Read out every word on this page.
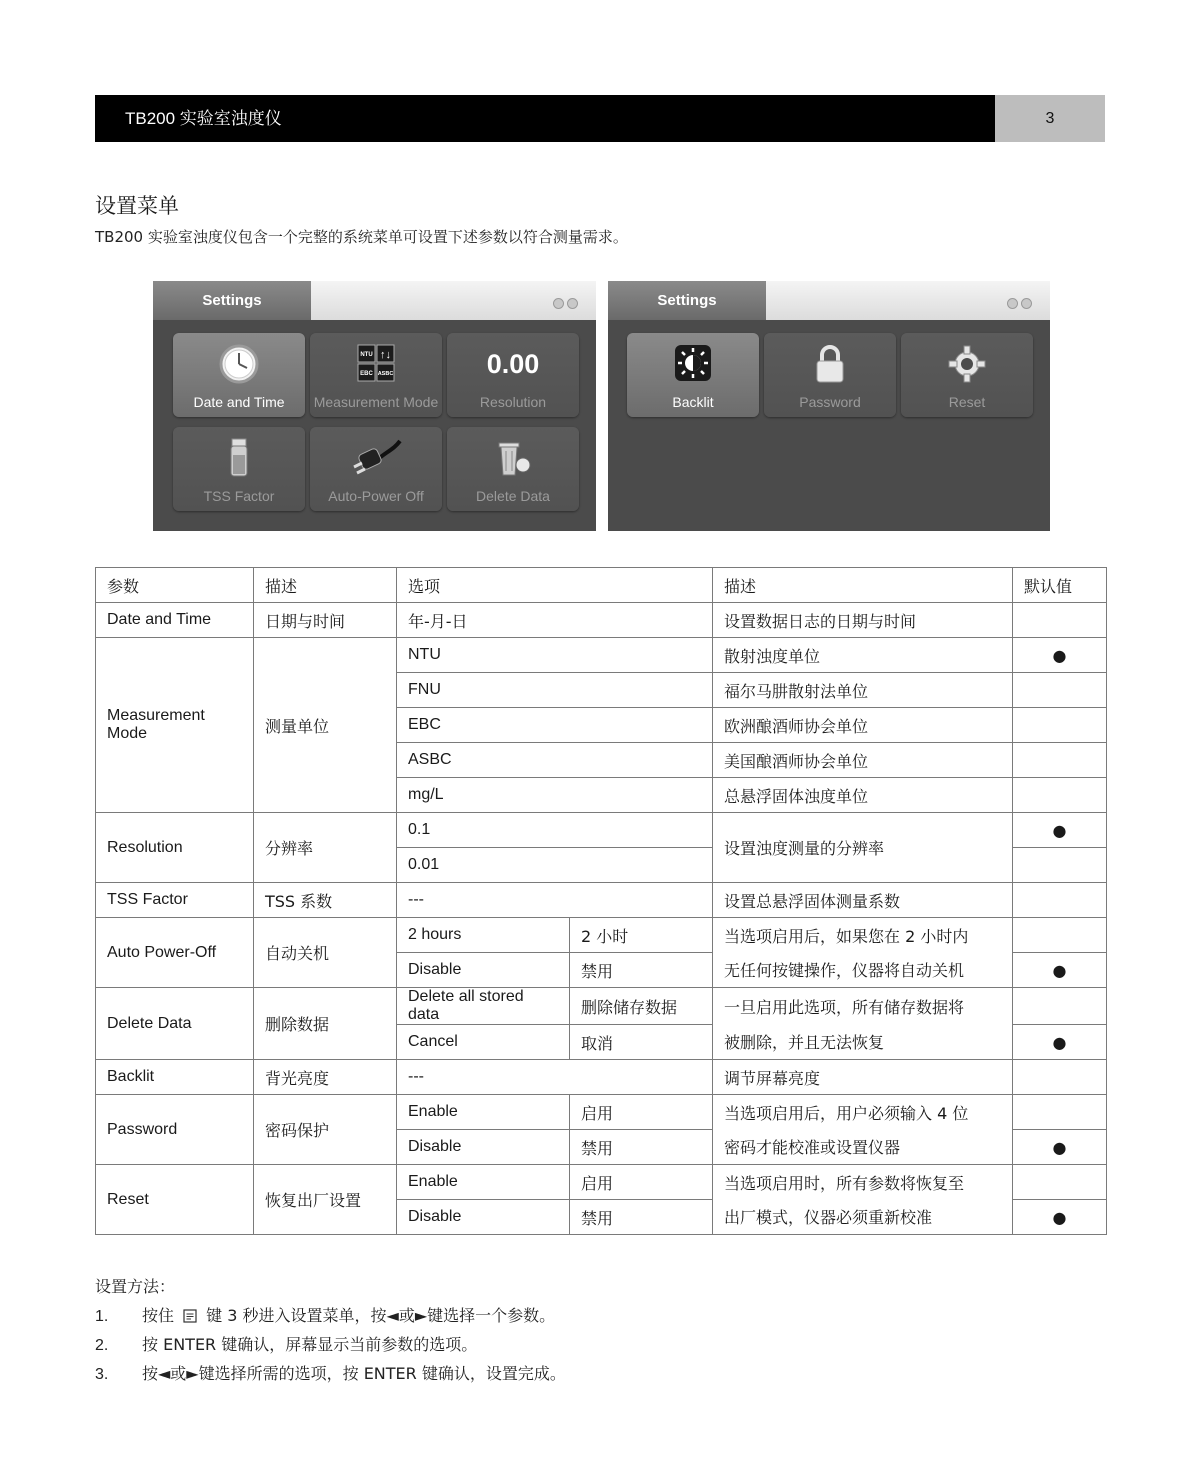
TB200 实验室浊度仪	3
设置菜单
TB200 实验室浊度仪包含一个完整的系统菜单可设置下述参数以符合测量需求。
Settings
Date and Time
NTU ↑↓
EBC ASBC
Measurement Mode
0.00
Resolution
TSS Factor	Auto-Power Off	Delete Data
Settings
Backlit	Password	Reset
参数	描述	选项		描述	默认值
Date and Time	日期与时间	年-月-日		设置数据日志的日期与时间	
Measurement Mode	测量单位	NTU		散射浊度单位	●
		FNU		福尔马肼散射法单位	
		EBC		欧洲酿酒师协会单位	
		ASBC		美国酿酒师协会单位	
		mg/L		总悬浮固体浊度单位	
Resolution	分辨率	0.1		设置浊度测量的分辨率	●
		0.01			
TSS Factor	TSS 系数	---		设置总悬浮固体测量系数	
Auto Power-Off	自动关机	2 hours	2 小时	当选项启用后，如果您在 2 小时内	
		Disable	禁用	无任何按键操作，仪器将自动关机	●
Delete Data	删除数据	Delete all stored data	删除储存数据	一旦启用此选项，所有储存数据将	
		Cancel	取消	被删除，并且无法恢复	●
Backlit	背光亮度	---		调节屏幕亮度	
Password	密码保护	Enable	启用	当选项启用后，用户必须输入 4 位	
		Disable	禁用	密码才能校准或设置仪器	●
Reset	恢复出厂设置	Enable	启用	当选项启用时，所有参数将恢复至	
		Disable	禁用	出厂模式，仪器必须重新校准	●
设置方法：
1. 按住  键 3 秒进入设置菜单，按◄或►键选择一个参数。
2. 按 ENTER 键确认，屏幕显示当前参数的选项。
3. 按◄或►键选择所需的选项，按 ENTER 键确认，设置完成。
